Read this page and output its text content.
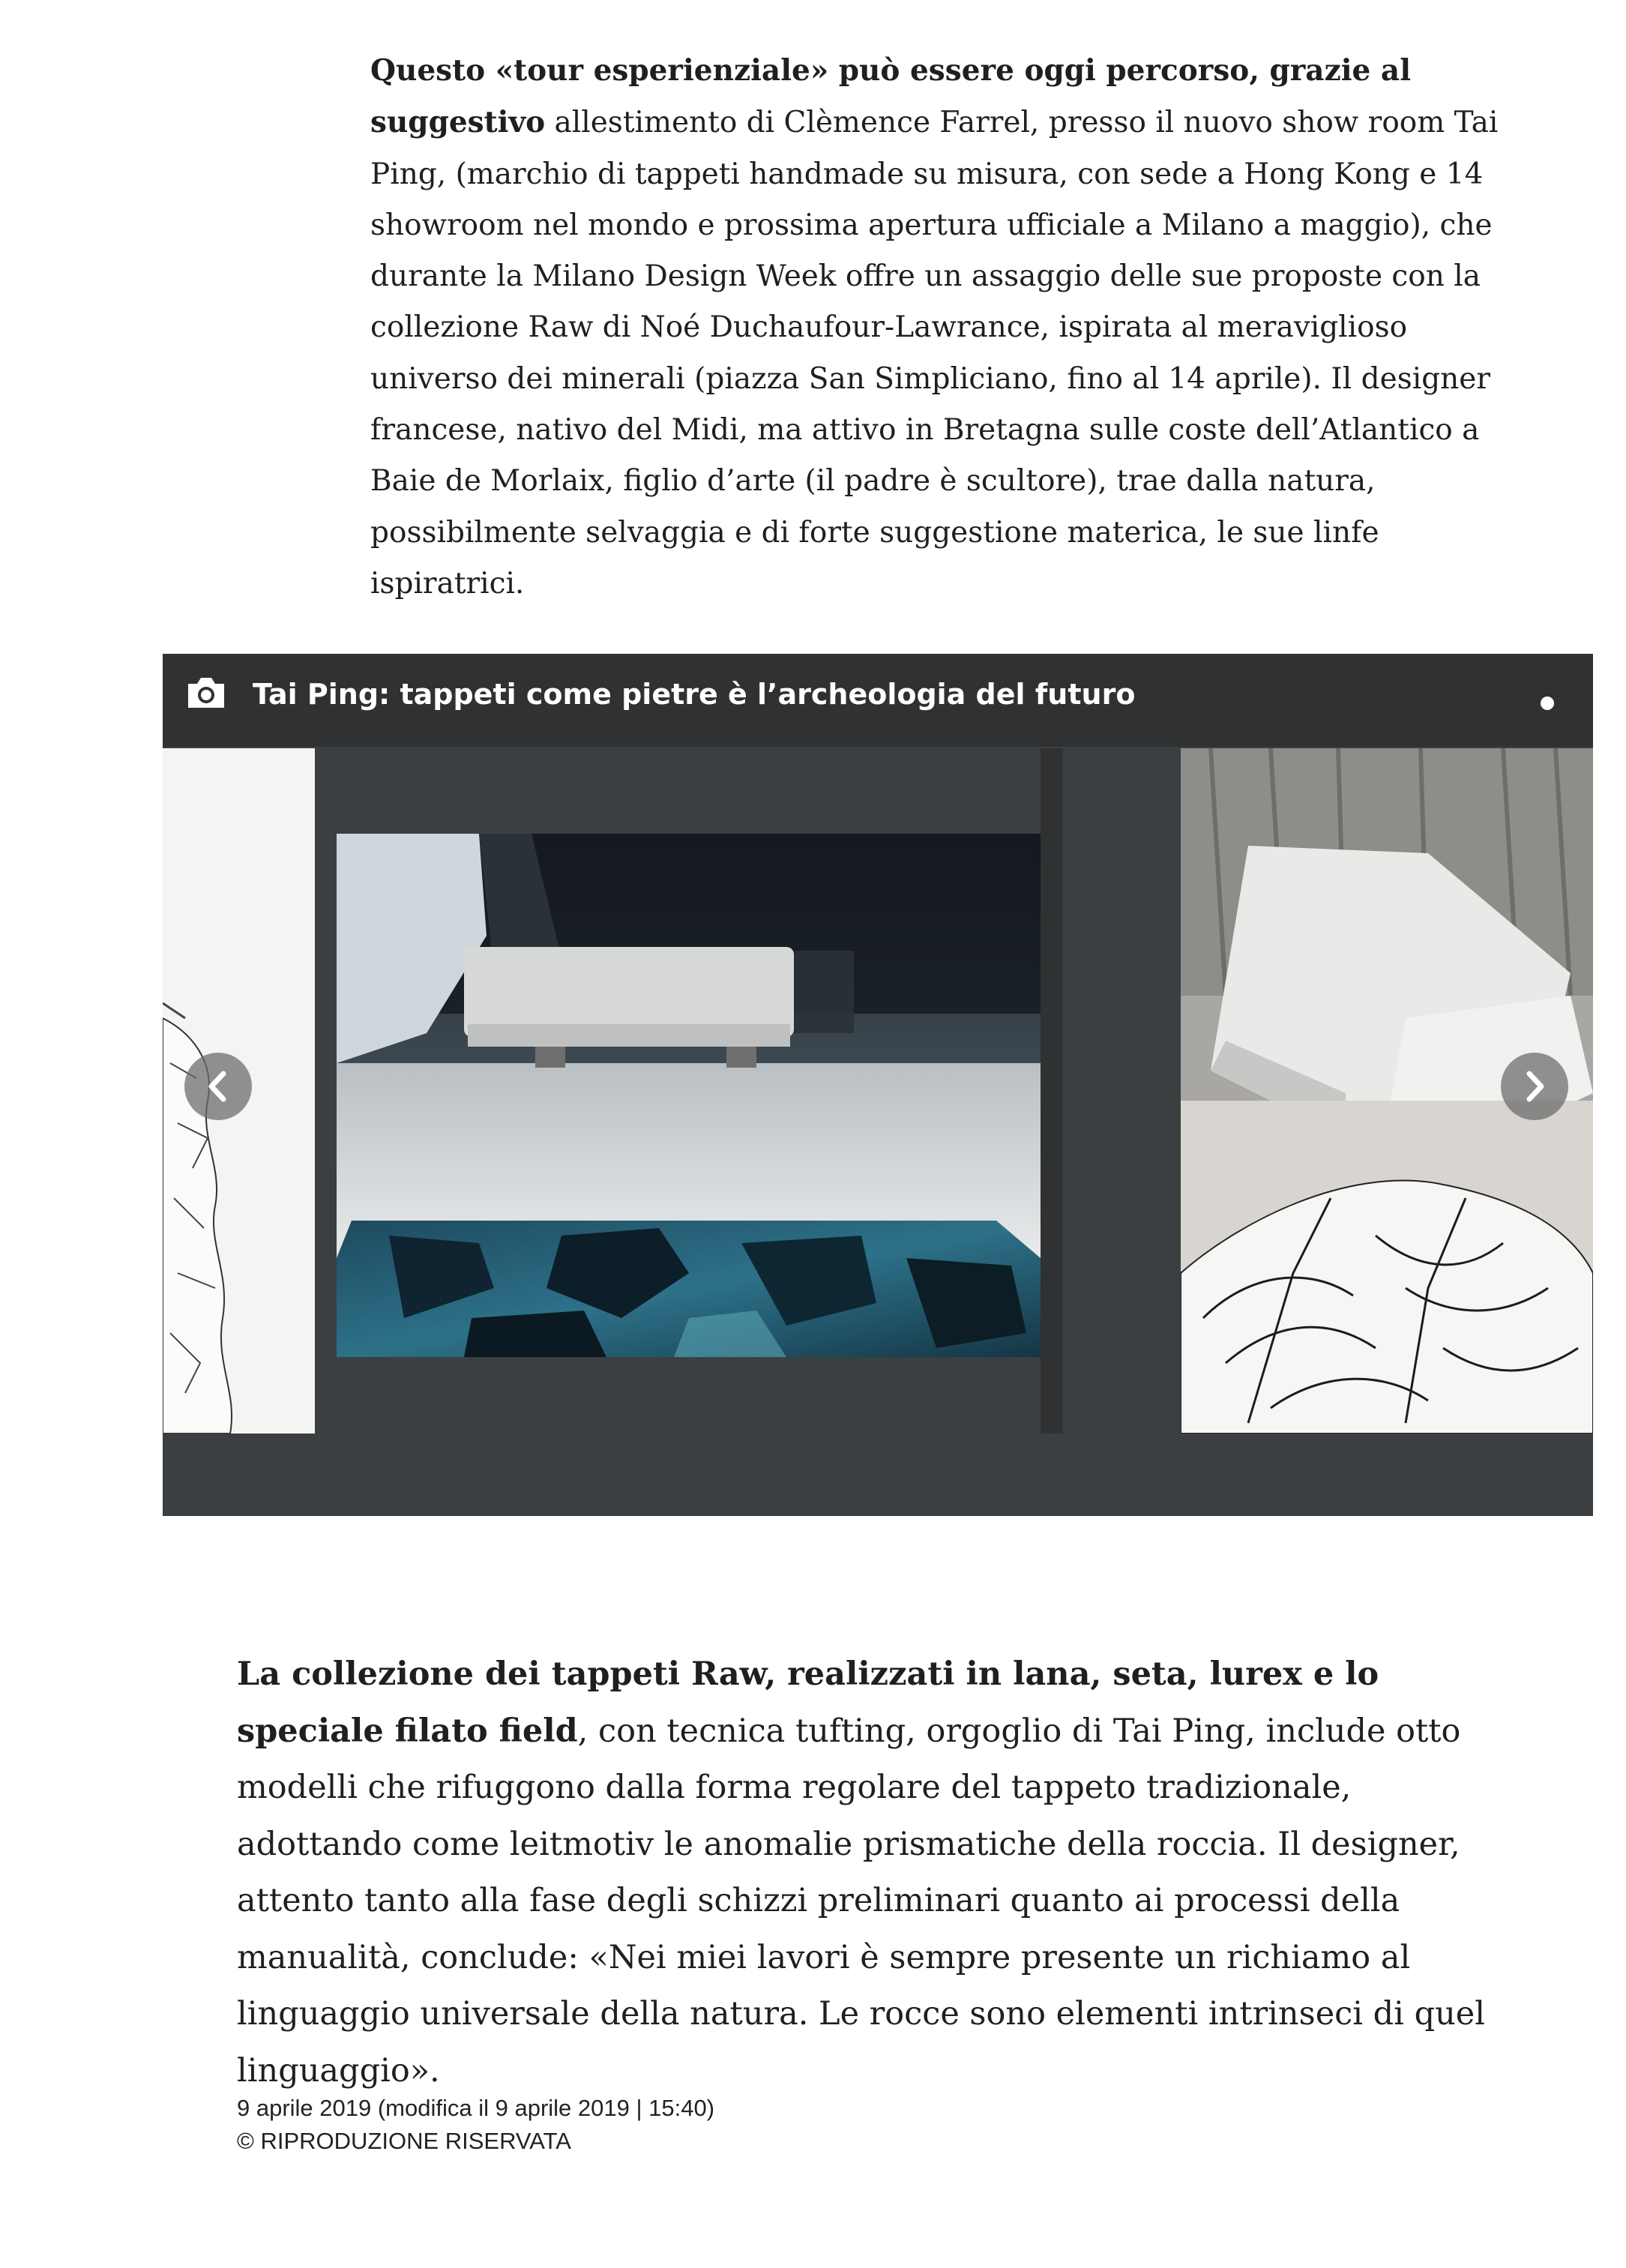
Questo «tour esperienziale» può essere oggi percorso, grazie al suggestivo allestimento di Clèmence Farrel, presso il nuovo show room Tai Ping, (marchio di tappeti handmade su misura, con sede a Hong Kong e 14 showroom nel mondo e prossima apertura ufficiale a Milano a maggio), che durante la Milano Design Week offre un assaggio delle sue proposte con la collezione Raw di Noé Duchaufour-Lawrance, ispirata al meraviglioso universo dei minerali (piazza San Simpliciano, fino al 14 aprile). Il designer francese, nativo del Midi, ma attivo in Bretagna sulle coste dell’Atlantico a Baie de Morlaix, figlio d’arte (il padre è scultore), trae dalla natura, possibilmente selvaggia e di forte suggestione materica, le sue linfe ispiratrici.

Tai Ping: tappeti come pietre è l’archeologia del futuro

La collezione dei tappeti Raw, realizzati in lana, seta, lurex e lo speciale filato field, con tecnica tufting, orgoglio di Tai Ping, include otto modelli che rifuggono dalla forma regolare del tappeto tradizionale, adottando come leitmotiv le anomalie prismatiche della roccia. Il designer, attento tanto alla fase degli schizzi preliminari quanto ai processi della manualità, conclude: «Nei miei lavori è sempre presente un richiamo al linguaggio universale della natura. Le rocce sono elementi intrinseci di quel linguaggio».

9 aprile 2019 (modifica il 9 aprile 2019 | 15:40)
© RIPRODUZIONE RISERVATA
